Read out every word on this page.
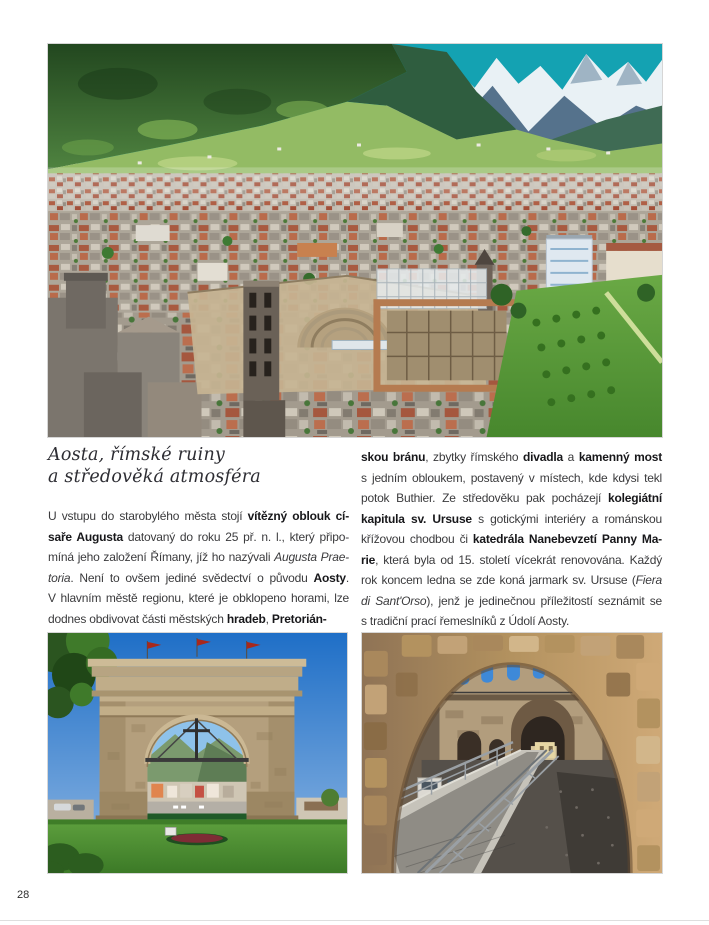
Aosta, římské ruiny
a středověká atmosféra
U vstupu do starobylého města stojí vítězný oblouk cí-
saře Augusta datovaný do roku 25 př. n. l., který připo-
míná jeho založení Římany, jíž ho nazývali Augusta Prae-
toria. Není to ovšem jediné svědectví o původu Aosty.
V hlavním městě regionu, které je obklopeno horami, lze
dodnes obdivovat části městských hradeb, Pretorián-
skou bránu, zbytky římského divadla a kamenný most
s jedním obloukem, postavený v místech, kde kdysi tekl
potok Buthier. Ze středověku pak pocházejí kolegiátní
kapitula sv. Ursuse s gotickými interiéry a románskou
křížovou chodbou či katedrála Nanebevzetí Panny Ma-
rie, která byla od 15. století vícekrát renovována. Každý
rok koncem ledna se zde koná jarmark sv. Ursuse (Fiera
di Sant'Orso), jenž je jedinečnou příležitostí seznámit se
s tradiční prací řemeslníků z Údolí Aosty.
28
